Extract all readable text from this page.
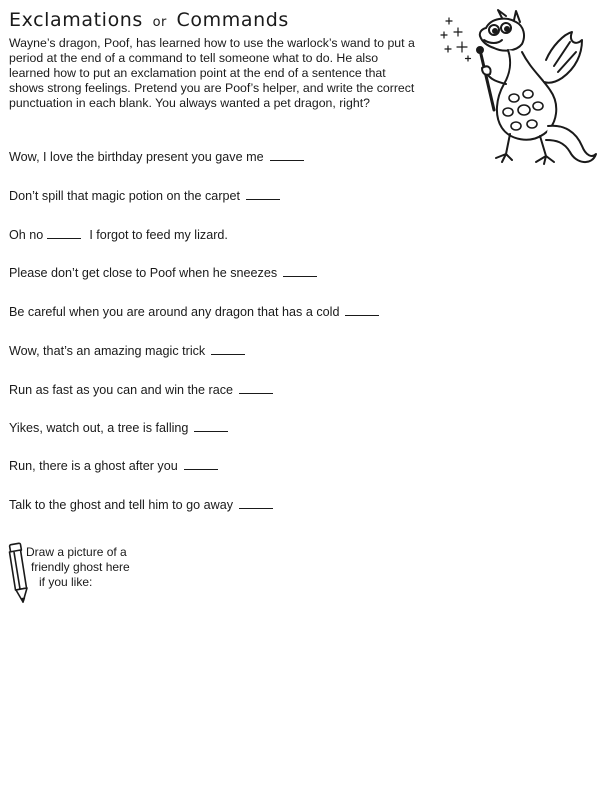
Exclamations or Commands

Wayne’s dragon, Poof, has learned how to use the warlock’s wand to put a period at the end of a command to tell someone what to do. He also learned how to put an exclamation point at the end of a sentence that shows strong feelings. Pretend you are Poof’s helper, and write the correct punctuation in each blank. You always wanted a pet dragon, right?

Wow, I love the birthday present you gave me

Don’t spill that magic potion on the carpet

Oh no	I forgot to feed my lizard.

Please don’t get close to Poof when he sneezes

Be careful when you are around any dragon that has a cold

Wow, that’s an amazing magic trick

Run as fast as you can and win the race

Yikes, watch out, a tree is falling

Run, there is a ghost after you

Talk to the ghost and tell him to go away

Draw a picture of a
friendly ghost here
if you like:
